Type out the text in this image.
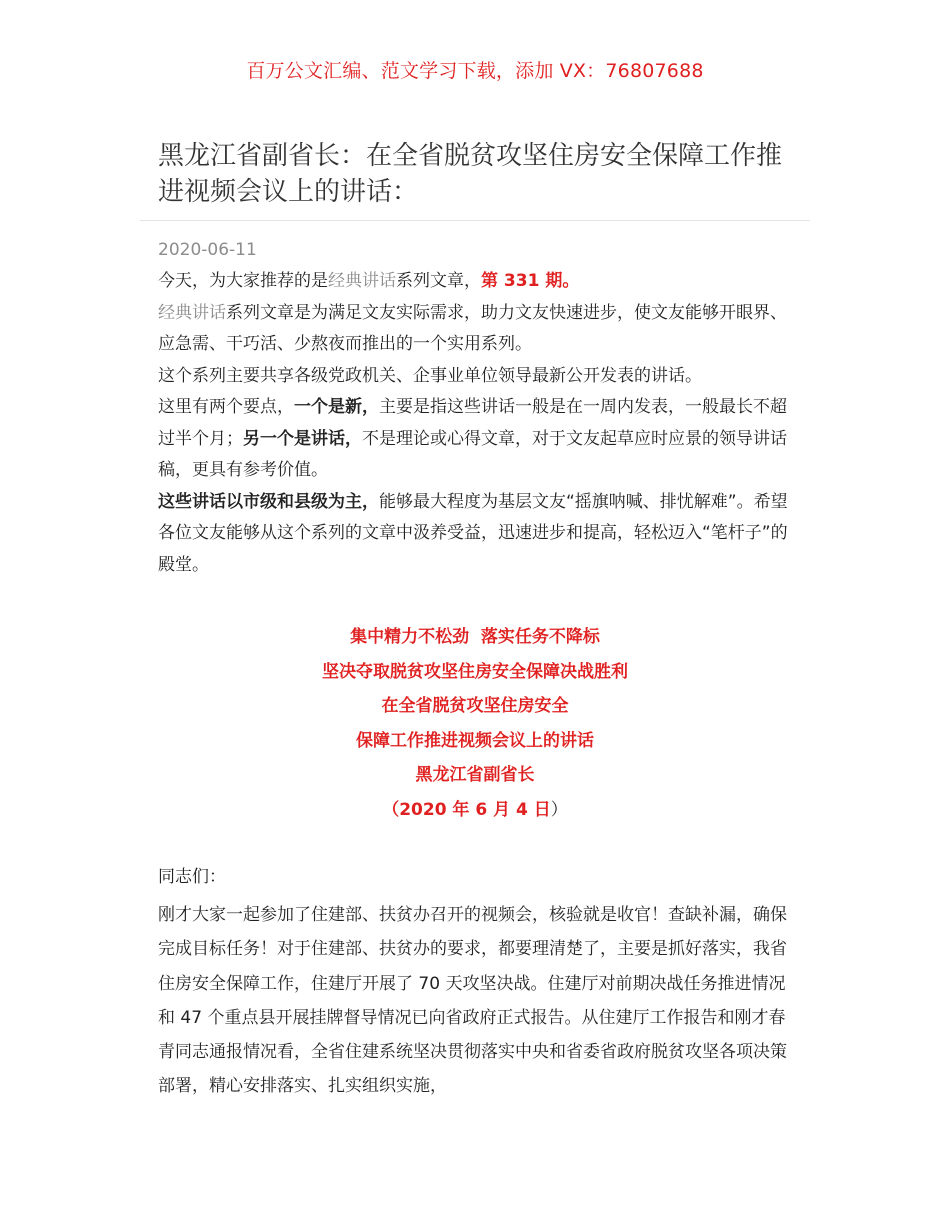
百万公文汇编、范文学习下载，添加 VX：76807688
黑龙江省副省长：在全省脱贫攻坚住房安全保障工作推进视频会议上的讲话：
2020-06-11

今天，为大家推荐的是经典讲话系列文章，第 331 期。

经典讲话系列文章是为满足文友实际需求，助力文友快速进步，使文友能够开眼界、应急需、干巧活、少熬夜而推出的一个实用系列。

这个系列主要共享各级党政机关、企事业单位领导最新公开发表的讲话。

这里有两个要点，一个是新，主要是指这些讲话一般是在一周内发表，一般最长不超过半个月；另一个是讲话，不是理论或心得文章，对于文友起草应时应景的领导讲话稿，更具有参考价值。

这些讲话以市级和县级为主，能够最大程度为基层文友“摇旗呐喊、排忧解难”。希望各位文友能够从这个系列的文章中汲养受益，迅速进步和提高，轻松迈入“笔杆子”的殿堂。

集中精力不松劲  落实任务不降标

坚决夺取脱贫攻坚住房安全保障决战胜利

在全省脱贫攻坚住房安全

保障工作推进视频会议上的讲话

黑龙江省副省长

（2020 年 6 月 4 日）

同志们：

刚才大家一起参加了住建部、扶贫办召开的视频会，核验就是收官！查缺补漏，确保完成目标任务！对于住建部、扶贫办的要求，都要理清楚了，主要是抓好落实，我省住房安全保障工作，住建厅开展了 70 天攻坚决战。住建厅对前期决战任务推进情况和 47 个重点县开展挂牌督导情况已向省政府正式报告。从住建厅工作报告和刚才春青同志通报情况看，全省住建系统坚决贯彻落实中央和省委省政府脱贫攻坚各项决策部署，精心安排落实、扎实组织实施，
